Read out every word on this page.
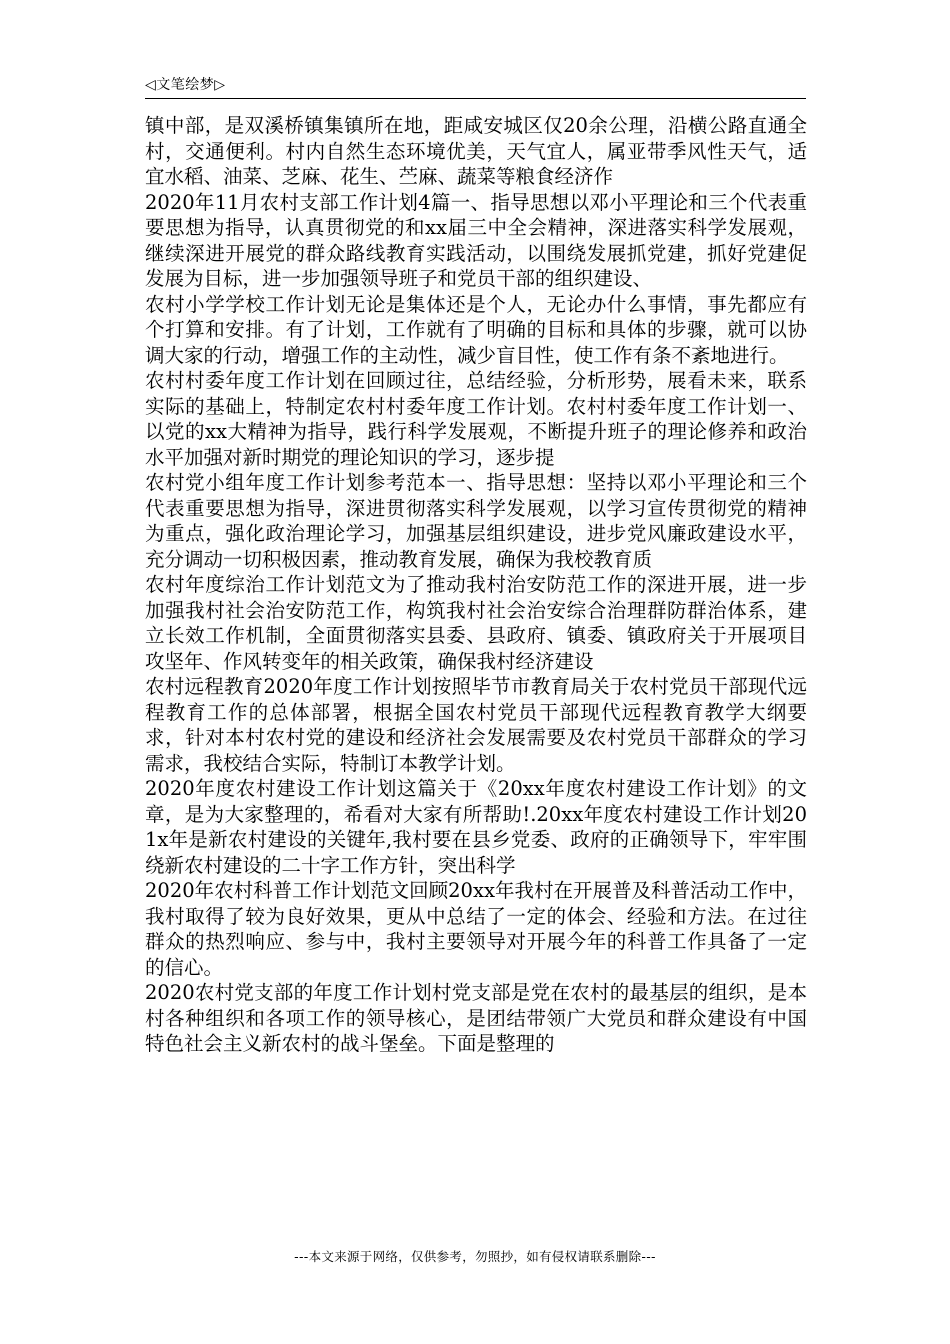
◁文笔绘梦▷

镇中部，是双溪桥镇集镇所在地，距咸安城区仅20余公理，沿横公路直通全村，交通便利。村内自然生态环境优美，天气宜人，属亚带季风性天气，适宜水稻、油菜、芝麻、花生、苎麻、蔬菜等粮食经济作

2020年11月农村支部工作计划4篇一、指导思想以邓小平理论和三个代表重要思想为指导，认真贯彻党的和xx届三中全会精神，深进落实科学发展观，继续深进开展党的群众路线教育实践活动，以围绕发展抓党建，抓好党建促发展为目标，进一步加强领导班子和党员干部的组织建设、

农村小学学校工作计划无论是集体还是个人，无论办什么事情，事先都应有个打算和安排。有了计划，工作就有了明确的目标和具体的步骤，就可以协调大家的行动，增强工作的主动性，减少盲目性，使工作有条不紊地进行。

农村村委年度工作计划在回顾过往，总结经验，分析形势，展看未来，联系实际的基础上，特制定农村村委年度工作计划。农村村委年度工作计划一、以党的xx大精神为指导，践行科学发展观，不断提升班子的理论修养和政治水平加强对新时期党的理论知识的学习，逐步提

农村党小组年度工作计划参考范本一、指导思想：坚持以邓小平理论和三个代表重要思想为指导，深进贯彻落实科学发展观，以学习宣传贯彻党的精神为重点，强化政治理论学习，加强基层组织建设，进步党风廉政建设水平，充分调动一切积极因素，推动教育发展，确保为我校教育质

农村年度综治工作计划范文为了推动我村治安防范工作的深进开展，进一步加强我村社会治安防范工作，构筑我村社会治安综合治理群防群治体系，建立长效工作机制，全面贯彻落实县委、县政府、镇委、镇政府关于开展项目攻坚年、作风转变年的相关政策，确保我村经济建设

农村远程教育2020年度工作计划按照毕节市教育局关于农村党员干部现代远程教育工作的总体部署，根据全国农村党员干部现代远程教育教学大纲要求，针对本村农村党的建设和经济社会发展需要及农村党员干部群众的学习需求，我校结合实际，特制订本教学计划。

2020年度农村建设工作计划这篇关于《20xx年度农村建设工作计划》的文章，是为大家整理的，希看对大家有所帮助!.20xx年度农村建设工作计划201x年是新农村建设的关键年,我村要在县乡党委、政府的正确领导下，牢牢围绕新农村建设的二十字工作方针，突出科学

2020年农村科普工作计划范文回顾20xx年我村在开展普及科普活动工作中，我村取得了较为良好效果，更从中总结了一定的体会、经验和方法。在过往群众的热烈响应、参与中，我村主要领导对开展今年的科普工作具备了一定的信心。

2020农村党支部的年度工作计划村党支部是党在农村的最基层的组织，是本村各种组织和各项工作的领导核心，是团结带领广大党员和群众建设有中国特色社会主义新农村的战斗堡垒。下面是整理的

---本文来源于网络，仅供参考，勿照抄，如有侵权请联系删除---
